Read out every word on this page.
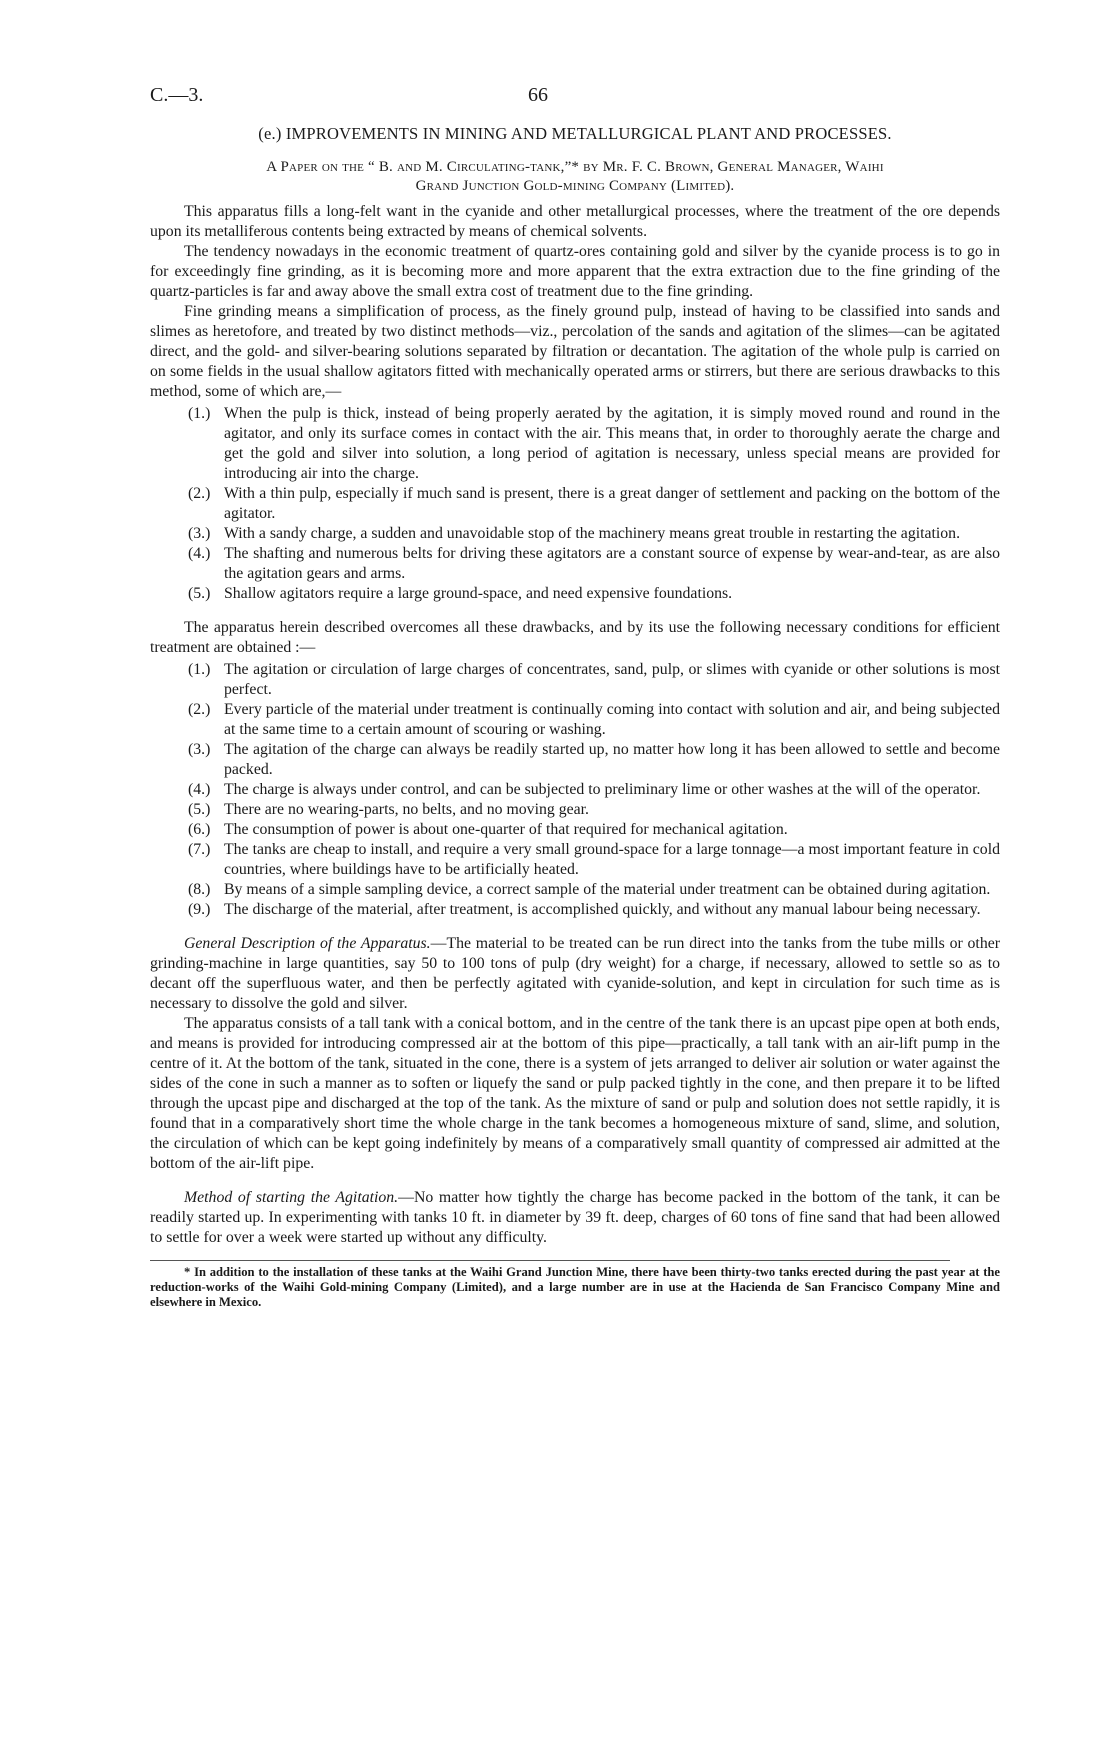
C.—3.	66
(e.) IMPROVEMENTS IN MINING AND METALLURGICAL PLANT AND PROCESSES.
A Paper on the “ B. and M. Circulating-tank,”* by Mr. F. C. Brown, General Manager, Waihi
Grand Junction Gold-mining Company (Limited).

This apparatus fills a long-felt want in the cyanide and other metallurgical processes, where the treatment of the ore depends upon its metalliferous contents being extracted by means of chemical solvents.

The tendency nowadays in the economic treatment of quartz-ores containing gold and silver by the cyanide process is to go in for exceedingly fine grinding, as it is becoming more and more apparent that the extra extraction due to the fine grinding of the quartz-particles is far and away above the small extra cost of treatment due to the fine grinding.

Fine grinding means a simplification of process, as the finely ground pulp, instead of having to be classified into sands and slimes as heretofore, and treated by two distinct methods—viz., percolation of the sands and agitation of the slimes—can be agitated direct, and the gold- and silver-bearing solutions separated by filtration or decantation. The agitation of the whole pulp is carried on on some fields in the usual shallow agitators fitted with mechanically operated arms or stirrers, but there are serious drawbacks to this method, some of which are,—

(1.) When the pulp is thick, instead of being properly aerated by the agitation, it is simply moved round and round in the agitator, and only its surface comes in contact with the air. This means that, in order to thoroughly aerate the charge and get the gold and silver into solution, a long period of agitation is necessary, unless special means are provided for introducing air into the charge.
(2.) With a thin pulp, especially if much sand is present, there is a great danger of settlement and packing on the bottom of the agitator.
(3.) With a sandy charge, a sudden and unavoidable stop of the machinery means great trouble in restarting the agitation.
(4.) The shafting and numerous belts for driving these agitators are a constant source of expense by wear-and-tear, as are also the agitation gears and arms.
(5.) Shallow agitators require a large ground-space, and need expensive foundations.

The apparatus herein described overcomes all these drawbacks, and by its use the following necessary conditions for efficient treatment are obtained :—

(1.) The agitation or circulation of large charges of concentrates, sand, pulp, or slimes with cyanide or other solutions is most perfect.
(2.) Every particle of the material under treatment is continually coming into contact with solution and air, and being subjected at the same time to a certain amount of scouring or washing.
(3.) The agitation of the charge can always be readily started up, no matter how long it has been allowed to settle and become packed.
(4.) The charge is always under control, and can be subjected to preliminary lime or other washes at the will of the operator.
(5.) There are no wearing-parts, no belts, and no moving gear.
(6.) The consumption of power is about one-quarter of that required for mechanical agitation.
(7.) The tanks are cheap to install, and require a very small ground-space for a large tonnage—a most important feature in cold countries, where buildings have to be artificially heated.
(8.) By means of a simple sampling device, a correct sample of the material under treatment can be obtained during agitation.
(9.) The discharge of the material, after treatment, is accomplished quickly, and without any manual labour being necessary.

General Description of the Apparatus.—The material to be treated can be run direct into the tanks from the tube mills or other grinding-machine in large quantities, say 50 to 100 tons of pulp (dry weight) for a charge, if necessary, allowed to settle so as to decant off the superfluous water, and then be perfectly agitated with cyanide-solution, and kept in circulation for such time as is necessary to dissolve the gold and silver.

The apparatus consists of a tall tank with a conical bottom, and in the centre of the tank there is an upcast pipe open at both ends, and means is provided for introducing compressed air at the bottom of this pipe—practically, a tall tank with an air-lift pump in the centre of it. At the bottom of the tank, situated in the cone, there is a system of jets arranged to deliver air solution or water against the sides of the cone in such a manner as to soften or liquefy the sand or pulp packed tightly in the cone, and then prepare it to be lifted through the upcast pipe and discharged at the top of the tank. As the mixture of sand or pulp and solution does not settle rapidly, it is found that in a comparatively short time the whole charge in the tank becomes a homogeneous mixture of sand, slime, and solution, the circulation of which can be kept going indefinitely by means of a comparatively small quantity of compressed air admitted at the bottom of the air-lift pipe.

Method of starting the Agitation.—No matter how tightly the charge has become packed in the bottom of the tank, it can be readily started up. In experimenting with tanks 10 ft. in diameter by 39 ft. deep, charges of 60 tons of fine sand that had been allowed to settle for over a week were started up without any difficulty.

* In addition to the installation of these tanks at the Waihi Grand Junction Mine, there have been thirty-two tanks erected during the past year at the reduction-works of the Waihi Gold-mining Company (Limited), and a large number are in use at the Hacienda de San Francisco Company Mine and elsewhere in Mexico.
